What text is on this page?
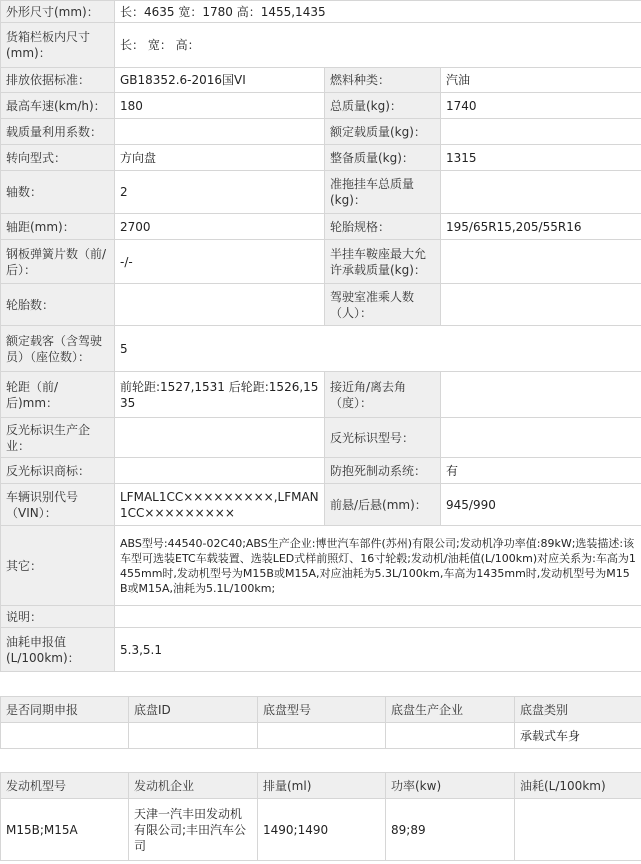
外形尺寸(mm)：	长：4635 宽：1780 高：1455,1435		
货箱栏板内尺寸(mm)：	长： 宽： 高：		
排放依据标准：	GB18352.6-2016国VI	燃料种类：	汽油
最高车速(km/h)：	180	总质量(kg)：	1740
载质量利用系数：		额定载质量(kg)：	
转向型式：	方向盘	整备质量(kg)：	1315
轴数：	2	准拖挂车总质量(kg)：	
轴距(mm)：	2700	轮胎规格：	195/65R15,205/55R16
钢板弹簧片数（前/后）：	-/-	半挂车鞍座最大允许承载质量(kg)：	
轮胎数：		驾驶室准乘人数（人）：	
额定载客（含驾驶员）（座位数）：	5		
轮距（前/后)mm：	前轮距:1527,1531 后轮距:1526,1535	接近角/离去角（度）：	
反光标识生产企业：		反光标识型号：	
反光标识商标：		防抱死制动系统：	有
车辆识别代号（VIN）：	LFMAL1CC×××××××××,LFMAN1CC×××××××××	前悬/后悬(mm)：	945/990
其它：	ABS型号:44540-02C40;ABS生产企业:博世汽车部件(苏州)有限公司;发动机净功率值:89kW;选装描述:该车型可选装ETC车载装置、选装LED式样前照灯、16寸轮毂;发动机/油耗值(L/100km)对应关系为:车高为1455mm时,发动机型号为M15B或M15A,对应油耗为5.3L/100km,车高为1435mm时,发动机型号为M15B或M15A,油耗为5.1L/100km;		
说明：			
油耗申报值(L/100km)：	5.3,5.1		
是否同期申报	底盘ID	底盘型号	底盘生产企业	底盘类别
				承载式车身
发动机型号	发动机企业	排量(ml)	功率(kw)	油耗(L/100km)
M15B;M15A	天津一汽丰田发动机有限公司;丰田汽车公司	1490;1490	89;89	
